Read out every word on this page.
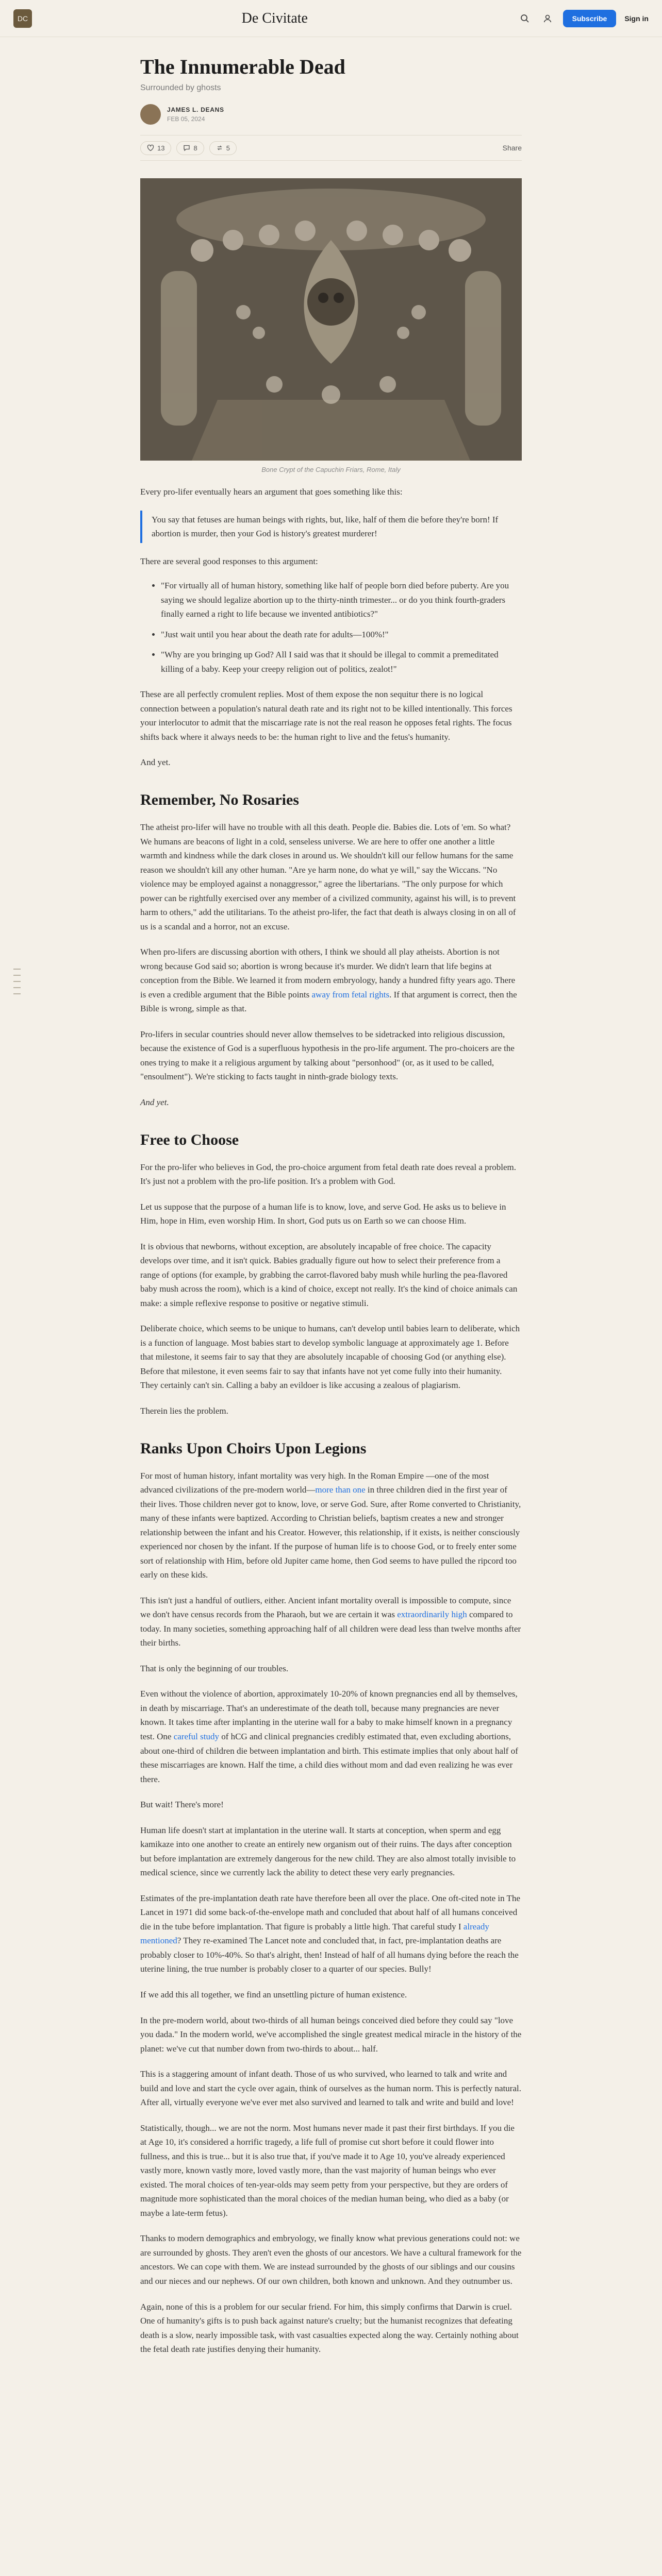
DC	De Civitate	Subscribe	Sign in
The Innumerable Dead
Surrounded by ghosts
JAMES L. DEANS
FEB 05, 2024
13	8	5	Share
Bone Crypt of the Capuchin Friars, Rome, Italy

Every pro-lifer eventually hears an argument that goes something like this:

You say that fetuses are human beings with rights, but, like, half of them die before they're born! If abortion is murder, then your God is history's greatest murderer!

There are several good responses to this argument:

• "For virtually all of human history, something like half of people born died before puberty. Are you saying we should legalize abortion up to the thirty-ninth trimester... or do you think fourth-graders finally earned a right to life because we invented antibiotics?"
• "Just wait until you hear about the death rate for adults—100%!"
• "Why are you bringing up God? All I said was that it should be illegal to commit a premeditated killing of a baby. Keep your creepy religion out of politics, zealot!"

These are all perfectly cromulent replies. Most of them expose the non sequitur there is no logical connection between a population's natural death rate and its right not to be killed intentionally. This forces your interlocutor to admit that the miscarriage rate is not the real reason he opposes fetal rights. The focus shifts back where it always needs to be: the human right to live and the fetus's humanity.

And yet.

Remember, No Rosaries

The atheist pro-lifer will have no trouble with all this death. People die. Babies die. Lots of 'em. So what? We humans are beacons of light in a cold, senseless universe. We are here to offer one another a little warmth and kindness while the dark closes in around us. We shouldn't kill our fellow humans for the same reason we shouldn't kill any other human. "Are ye harm none, do what ye will," say the Wiccans. "No violence may be employed against a nonaggressor," agree the libertarians. "The only purpose for which power can be rightfully exercised over any member of a civilized community, against his will, is to prevent harm to others," add the utilitarians. To the atheist pro-lifer, the fact that death is always closing in on all of us is a scandal and a horror, not an excuse.

When pro-lifers are discussing abortion with others, I think we should all play atheists. Abortion is not wrong because God said so; abortion is wrong because it's murder. We didn't learn that life begins at conception from the Bible. We learned it from modern embryology, handy a hundred fifty years ago. There is even a credible argument that the Bible points away from fetal rights. If that argument is correct, then the Bible is wrong, simple as that.

Pro-lifers in secular countries should never allow themselves to be sidetracked into religious discussion, because the existence of God is a superfluous hypothesis in the pro-life argument. The pro-choicers are the ones trying to make it a religious argument by talking about "personhood" (or, as it used to be called, "ensoulment"). We're sticking to facts taught in ninth-grade biology texts.

And yet.

Free to Choose

For the pro-lifer who believes in God, the pro-choice argument from fetal death rate does reveal a problem. It's just not a problem with the pro-life position. It's a problem with God.

Let us suppose that the purpose of a human life is to know, love, and serve God. He asks us to believe in Him, hope in Him, even worship Him. In short, God puts us on Earth so we can choose Him.

It is obvious that newborns, without exception, are absolutely incapable of free choice. The capacity develops over time, and it isn't quick. Babies gradually figure out how to select their preference from a range of options (for example, by grabbing the carrot-flavored baby mush while hurling the pea-flavored baby mush across the room), which is a kind of choice, except not really. It's the kind of choice animals can make: a simple reflexive response to positive or negative stimuli.

Deliberate choice, which seems to be unique to humans, can't develop until babies learn to deliberate, which is a function of language. Most babies start to develop symbolic language at approximately age 1. Before that milestone, it seems fair to say that they are absolutely incapable of choosing God (or anything else). Before that milestone, it even seems fair to say that infants have not yet come fully into their humanity. They certainly can't sin. Calling a baby an evildoer is like accusing a zealous of plagiarism.

Therein lies the problem.

Ranks Upon Choirs Upon Legions

For most of human history, infant mortality was very high. In the Roman Empire —one of the most advanced civilizations of the pre-modern world—more than one in three children died in the first year of their lives. Those children never got to know, love, or serve God. Sure, after Rome converted to Christianity, many of these infants were baptized. According to Christian beliefs, baptism creates a new and stronger relationship between the infant and his Creator. However, this relationship, if it exists, is neither consciously experienced nor chosen by the infant. If the purpose of human life is to choose God, or to freely enter some sort of relationship with Him, before old Jupiter came home, then God seems to have pulled the ripcord too early on these kids.

This isn't just a handful of outliers, either. Ancient infant mortality overall is impossible to compute, since we don't have census records from the Pharaoh, but we are certain it was extraordinarily high compared to today. In many societies, something approaching half of all children were dead less than twelve months after their births.

That is only the beginning of our troubles.

Even without the violence of abortion, approximately 10-20% of known pregnancies end all by themselves, in death by miscarriage. That's an underestimate of the death toll, because many pregnancies are never known. It takes time after implanting in the uterine wall for a baby to make himself known in a pregnancy test. One careful study of hCG and clinical pregnancies credibly estimated that, even excluding abortions, about one-third of children die between implantation and birth. This estimate implies that only about half of these miscarriages are known. Half the time, a child dies without mom and dad even realizing he was ever there.

But wait! There's more!

Human life doesn't start at implantation in the uterine wall. It starts at conception, when sperm and egg kamikaze into one another to create an entirely new organism out of their ruins. The days after conception but before implantation are extremely dangerous for the new child. They are also almost totally invisible to medical science, since we currently lack the ability to detect these very early pregnancies.

Estimates of the pre-implantation death rate have therefore been all over the place. One oft-cited note in The Lancet in 1971 did some back-of-the-envelope math and concluded that about half of all humans conceived die in the tube before implantation. That figure is probably a little high. That careful study I already mentioned? They re-examined The Lancet note and concluded that, in fact, pre-implantation deaths are probably closer to 10%-40%. So that's alright, then! Instead of half of all humans dying before the reach the uterine lining, the true number is probably closer to a quarter of our species. Bully!

If we add this all together, we find an unsettling picture of human existence.

In the pre-modern world, about two-thirds of all human beings conceived died before they could say "love you dada." In the modern world, we've accomplished the single greatest medical miracle in the history of the planet: we've cut that number down from two-thirds to about... half.

This is a staggering amount of infant death. Those of us who survived, who learned to talk and write and build and love and start the cycle over again, think of ourselves as the human norm. This is perfectly natural. After all, virtually everyone we've ever met also survived and learned to talk and write and build and love!

Statistically, though... we are not the norm. Most humans never made it past their first birthdays. If you die at Age 10, it's considered a horrific tragedy, a life full of promise cut short before it could flower into fullness, and this is true... but it is also true that, if you've made it to Age 10, you've already experienced vastly more, known vastly more, loved vastly more, than the vast majority of human beings who ever existed. The moral choices of ten-year-olds may seem petty from your perspective, but they are orders of magnitude more sophisticated than the moral choices of the median human being, who died as a baby (or maybe a late-term fetus).

Thanks to modern demographics and embryology, we finally know what previous generations could not: we are surrounded by ghosts. They aren't even the ghosts of our ancestors. We have a cultural framework for the ancestors. We can cope with them. We are instead surrounded by the ghosts of our siblings and our cousins and our nieces and our nephews. Of our own children, both known and unknown. And they outnumber us.

Again, none of this is a problem for our secular friend. For him, this simply confirms that Darwin is cruel. One of humanity's gifts is to push back against nature's cruelty; but the humanist recognizes that defeating death is a slow, nearly impossible task, with vast casualties expected along the way. Certainly nothing about the fetal death rate justifies denying their humanity.
